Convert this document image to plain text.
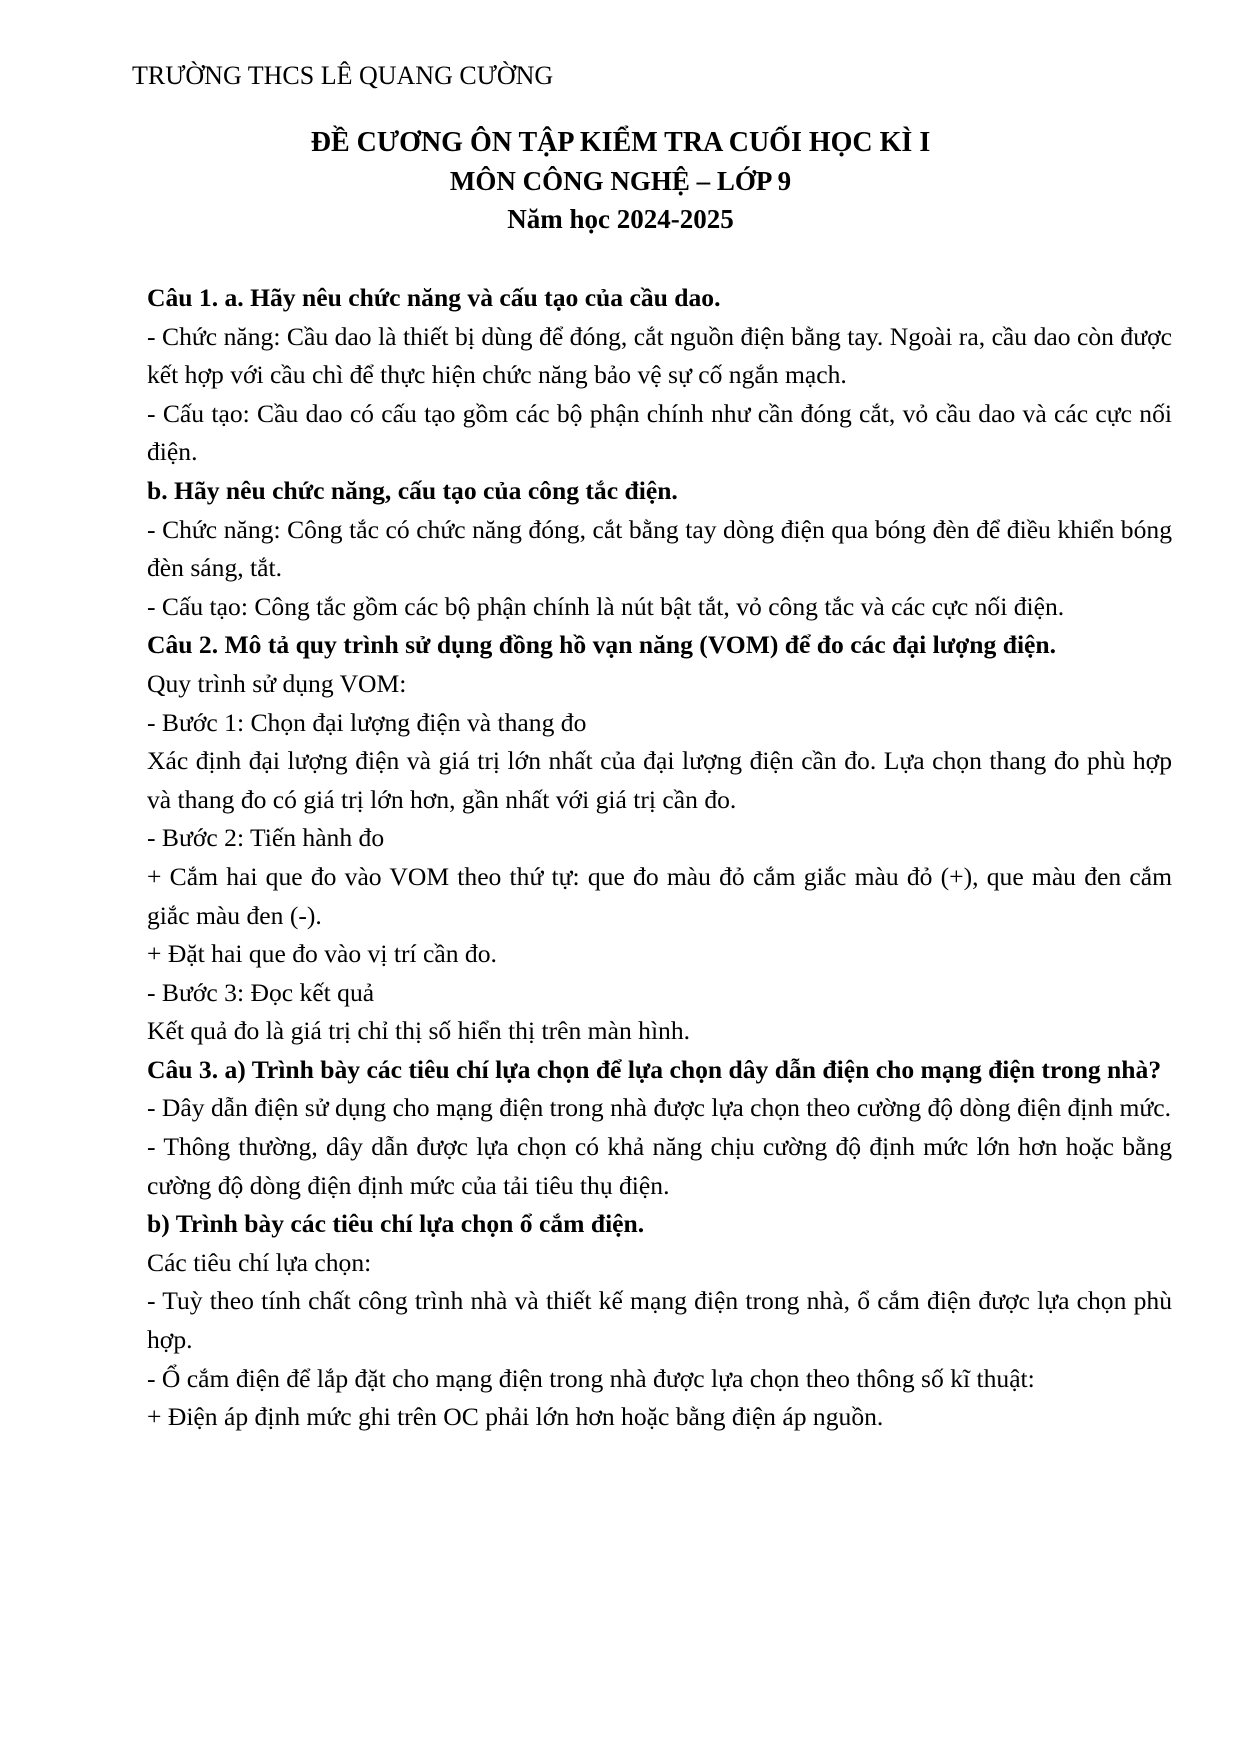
TRƯỜNG THCS LÊ QUANG CƯỜNG
ĐỀ CƯƠNG ÔN TẬP KIỂM TRA CUỐI HỌC KÌ I
MÔN CÔNG NGHỆ – LỚP 9
Năm học 2024-2025

Câu 1. a. Hãy nêu chức năng và cấu tạo của cầu dao.

- Chức năng: Cầu dao là thiết bị dùng để đóng, cắt nguồn điện bằng tay. Ngoài ra, cầu dao còn được kết hợp với cầu chì để thực hiện chức năng bảo vệ sự cố ngắn mạch.

- Cấu tạo: Cầu dao có cấu tạo gồm các bộ phận chính như cần đóng cắt, vỏ cầu dao và các cực nối điện.

b. Hãy nêu chức năng, cấu tạo của công tắc điện.

- Chức năng: Công tắc có chức năng đóng, cắt bằng tay dòng điện qua bóng đèn để điều khiển bóng đèn sáng, tắt.

- Cấu tạo: Công tắc gồm các bộ phận chính là nút bật tắt, vỏ công tắc và các cực nối điện.

Câu 2. Mô tả quy trình sử dụng đồng hồ vạn năng (VOM) để đo các đại lượng điện.

Quy trình sử dụng VOM:

- Bước 1: Chọn đại lượng điện và thang đo

Xác định đại lượng điện và giá trị lớn nhất của đại lượng điện cần đo. Lựa chọn thang đo phù hợp và thang đo có giá trị lớn hơn, gần nhất với giá trị cần đo.

- Bước 2: Tiến hành đo

+ Cắm hai que đo vào VOM theo thứ tự: que đo màu đỏ cắm giắc màu đỏ (+), que màu đen cắm giắc màu đen (-).

+ Đặt hai que đo vào vị trí cần đo.

- Bước 3: Đọc kết quả

Kết quả đo là giá trị chỉ thị số hiển thị trên màn hình.

Câu 3. a) Trình bày các tiêu chí lựa chọn để lựa chọn dây dẫn điện cho mạng điện trong nhà?

- Dây dẫn điện sử dụng cho mạng điện trong nhà được lựa chọn theo cường độ dòng điện định mức.

- Thông thường, dây dẫn được lựa chọn có khả năng chịu cường độ định mức lớn hơn hoặc bằng cường độ dòng điện định mức của tải tiêu thụ điện.

b) Trình bày các tiêu chí lựa chọn ổ cắm điện.

Các tiêu chí lựa chọn:

- Tuỳ theo tính chất công trình nhà và thiết kế mạng điện trong nhà, ổ cắm điện được lựa chọn phù hợp.

- Ổ cắm điện để lắp đặt cho mạng điện trong nhà được lựa chọn theo thông số kĩ thuật:

+ Điện áp định mức ghi trên OC phải lớn hơn hoặc bằng điện áp nguồn.
